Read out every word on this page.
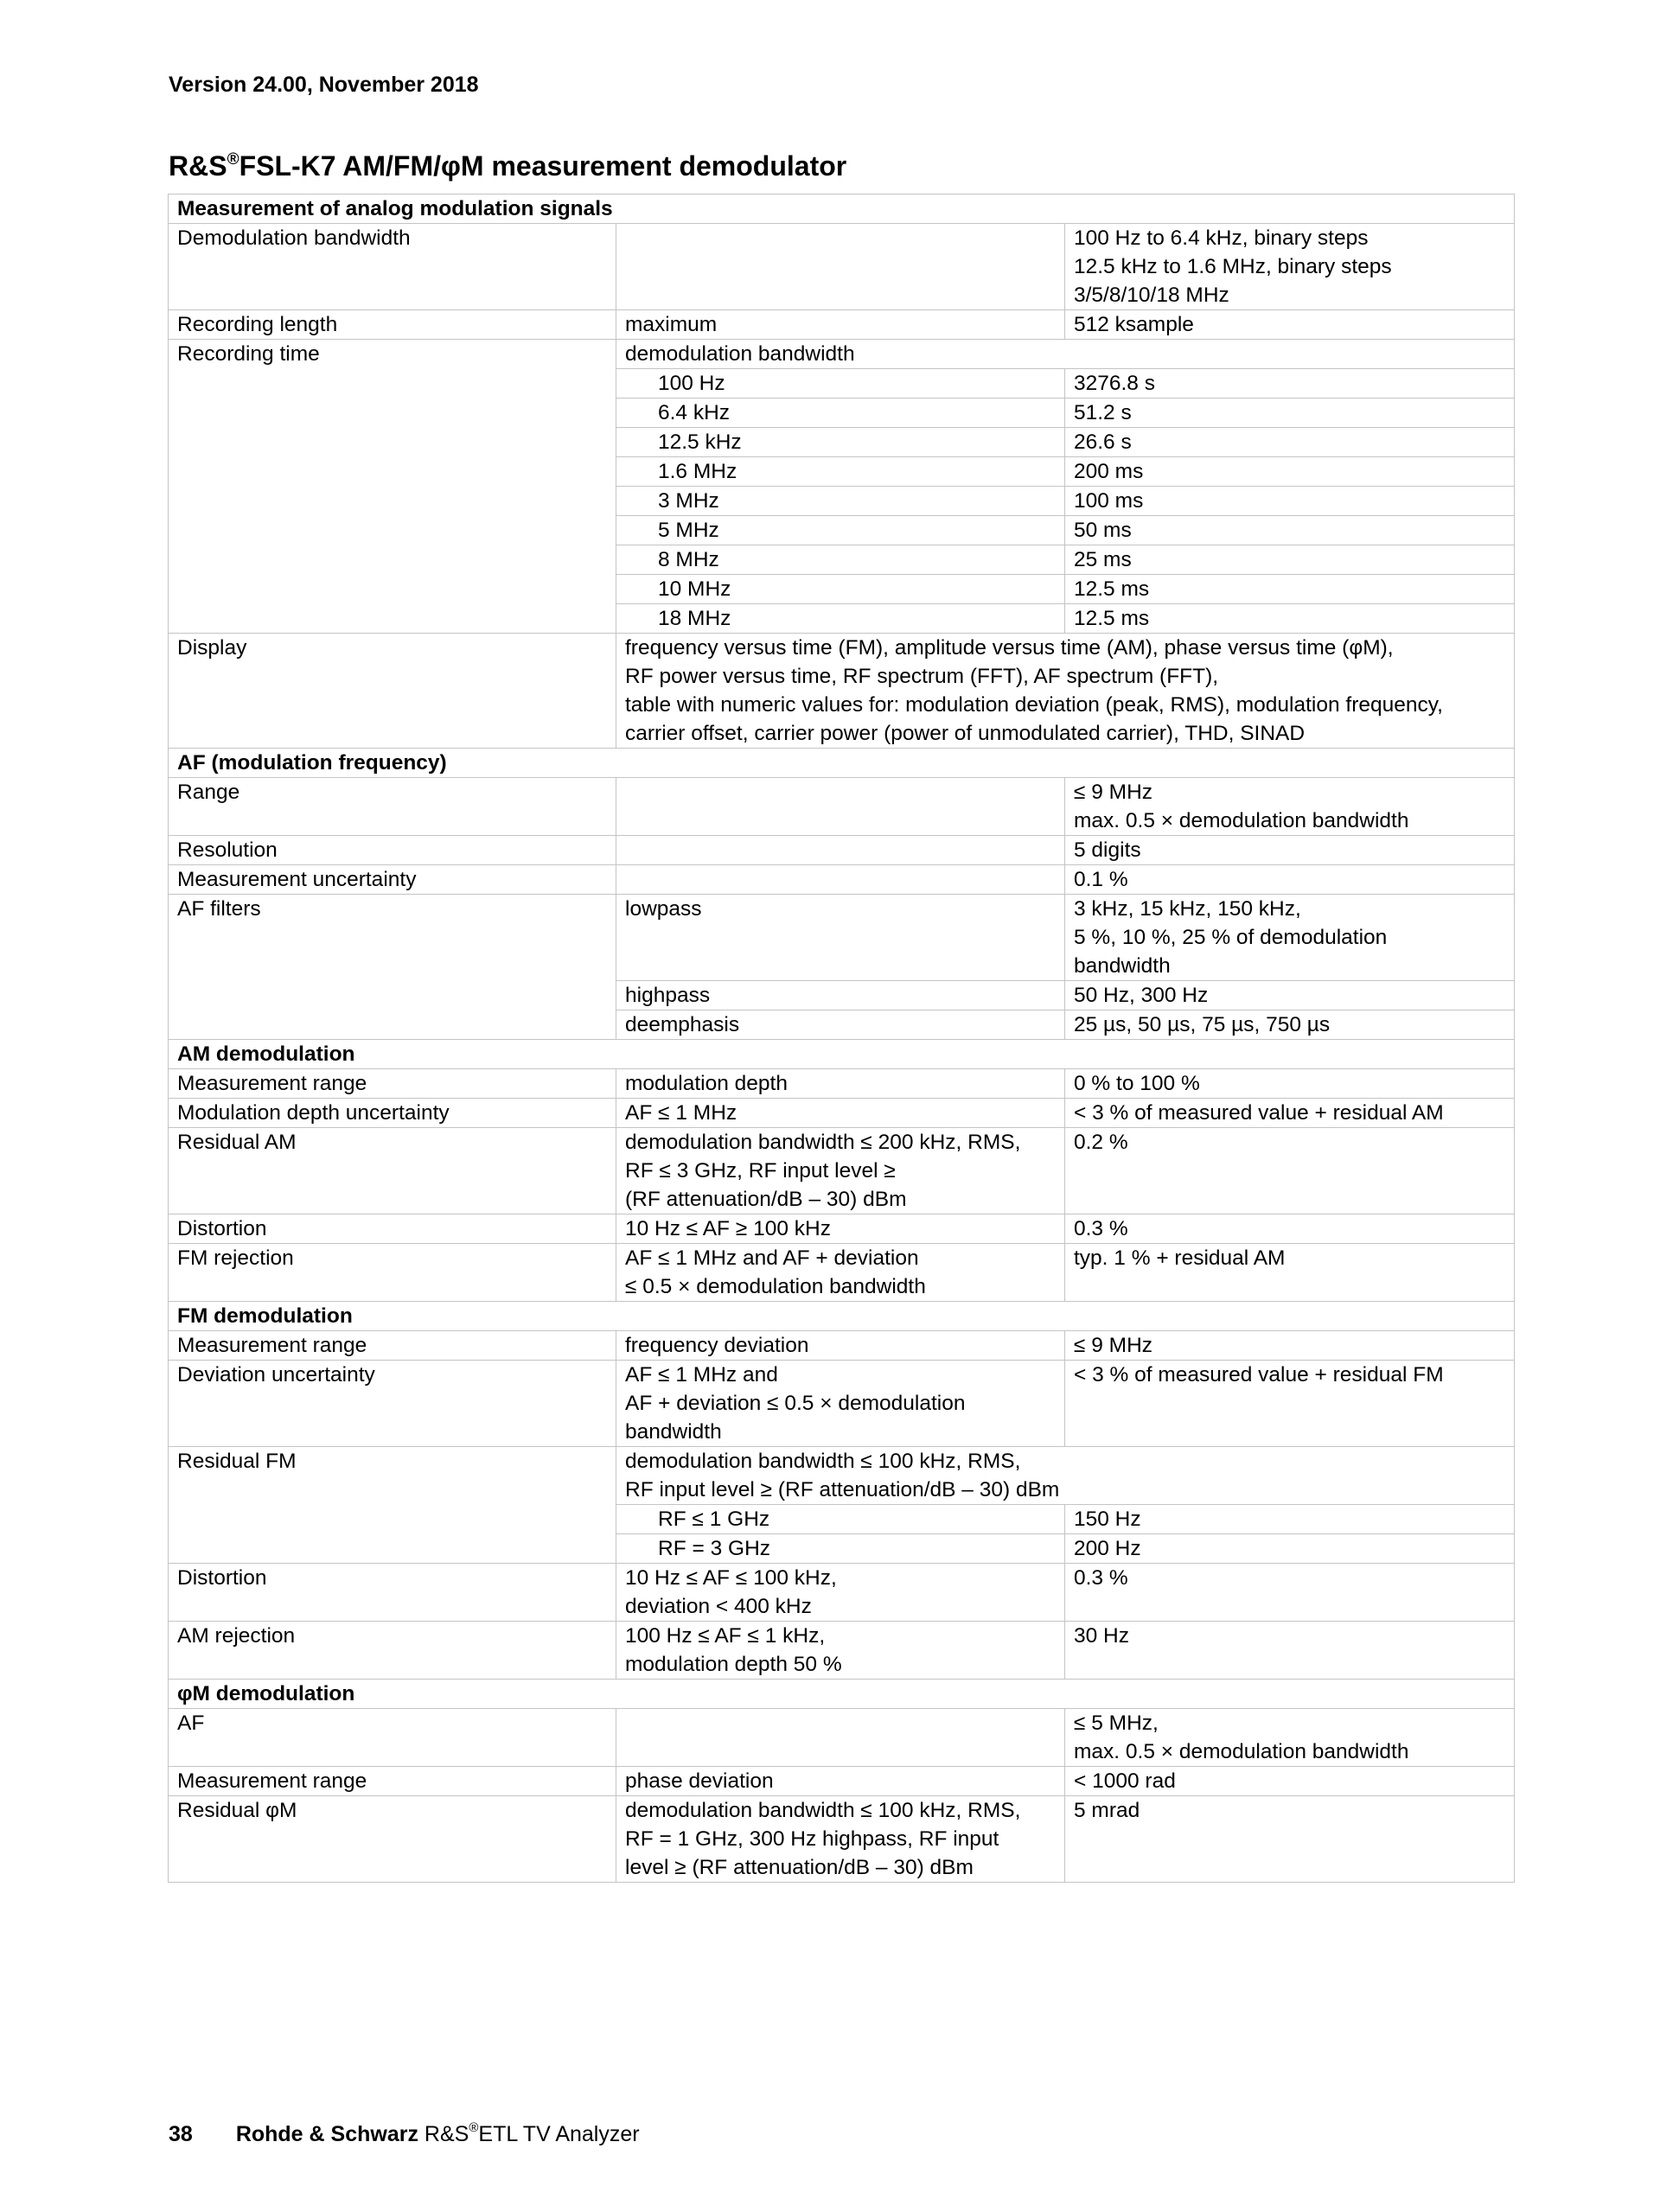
Version 24.00, November 2018

R&S®FSL-K7 AM/FM/φM measurement demodulator
Measurement of analog modulation signals		
Demodulation bandwidth		100 Hz to 6.4 kHz, binary steps
12.5 kHz to 1.6 MHz, binary steps
3/5/8/10/18 MHz
Recording length	maximum	512 ksample
Recording time	demodulation bandwidth	
	100 Hz	3276.8 s
	6.4 kHz	51.2 s
	12.5 kHz	26.6 s
	1.6 MHz	200 ms
	3 MHz	100 ms
	5 MHz	50 ms
	8 MHz	25 ms
	10 MHz	12.5 ms
	18 MHz	12.5 ms
Display	frequency versus time (FM), amplitude versus time (AM), phase versus time (φM),
RF power versus time, RF spectrum (FFT), AF spectrum (FFT),
table with numeric values for: modulation deviation (peak, RMS), modulation frequency,
carrier offset, carrier power (power of unmodulated carrier), THD, SINAD	
AF (modulation frequency)		
Range		≤ 9 MHz
max. 0.5 × demodulation bandwidth
Resolution		5 digits
Measurement uncertainty		0.1 %
AF filters	lowpass	3 kHz, 15 kHz, 150 kHz,
5 %, 10 %, 25 % of demodulation
bandwidth
	highpass	50 Hz, 300 Hz
	deemphasis	25 µs, 50 µs, 75 µs, 750 µs
AM demodulation		
Measurement range	modulation depth	0 % to 100 %
Modulation depth uncertainty	AF ≤ 1 MHz	< 3 % of measured value + residual AM
Residual AM	demodulation bandwidth ≤ 200 kHz, RMS,
RF ≤ 3 GHz, RF input level ≥
(RF attenuation/dB – 30) dBm	0.2 %
Distortion	10 Hz ≤ AF ≥ 100 kHz	0.3 %
FM rejection	AF ≤ 1 MHz and AF + deviation
≤ 0.5 × demodulation bandwidth	typ. 1 % + residual AM
FM demodulation		
Measurement range	frequency deviation	≤ 9 MHz
Deviation uncertainty	AF ≤ 1 MHz and
AF + deviation ≤ 0.5 × demodulation
bandwidth	< 3 % of measured value + residual FM
Residual FM	demodulation bandwidth ≤ 100 kHz, RMS,
RF input level ≥ (RF attenuation/dB – 30) dBm	
	RF ≤ 1 GHz	150 Hz
	RF = 3 GHz	200 Hz
Distortion	10 Hz ≤ AF ≤ 100 kHz,
deviation < 400 kHz	0.3 %
AM rejection	100 Hz ≤ AF ≤ 1 kHz,
modulation depth 50 %	30 Hz
φM demodulation		
AF		≤ 5 MHz,
max. 0.5 × demodulation bandwidth
Measurement range	phase deviation	< 1000 rad
Residual φM	demodulation bandwidth ≤ 100 kHz, RMS,
RF = 1 GHz, 300 Hz highpass, RF input
level ≥ (RF attenuation/dB – 30) dBm	5 mrad

38 Rohde & Schwarz R&S®ETL TV Analyzer
